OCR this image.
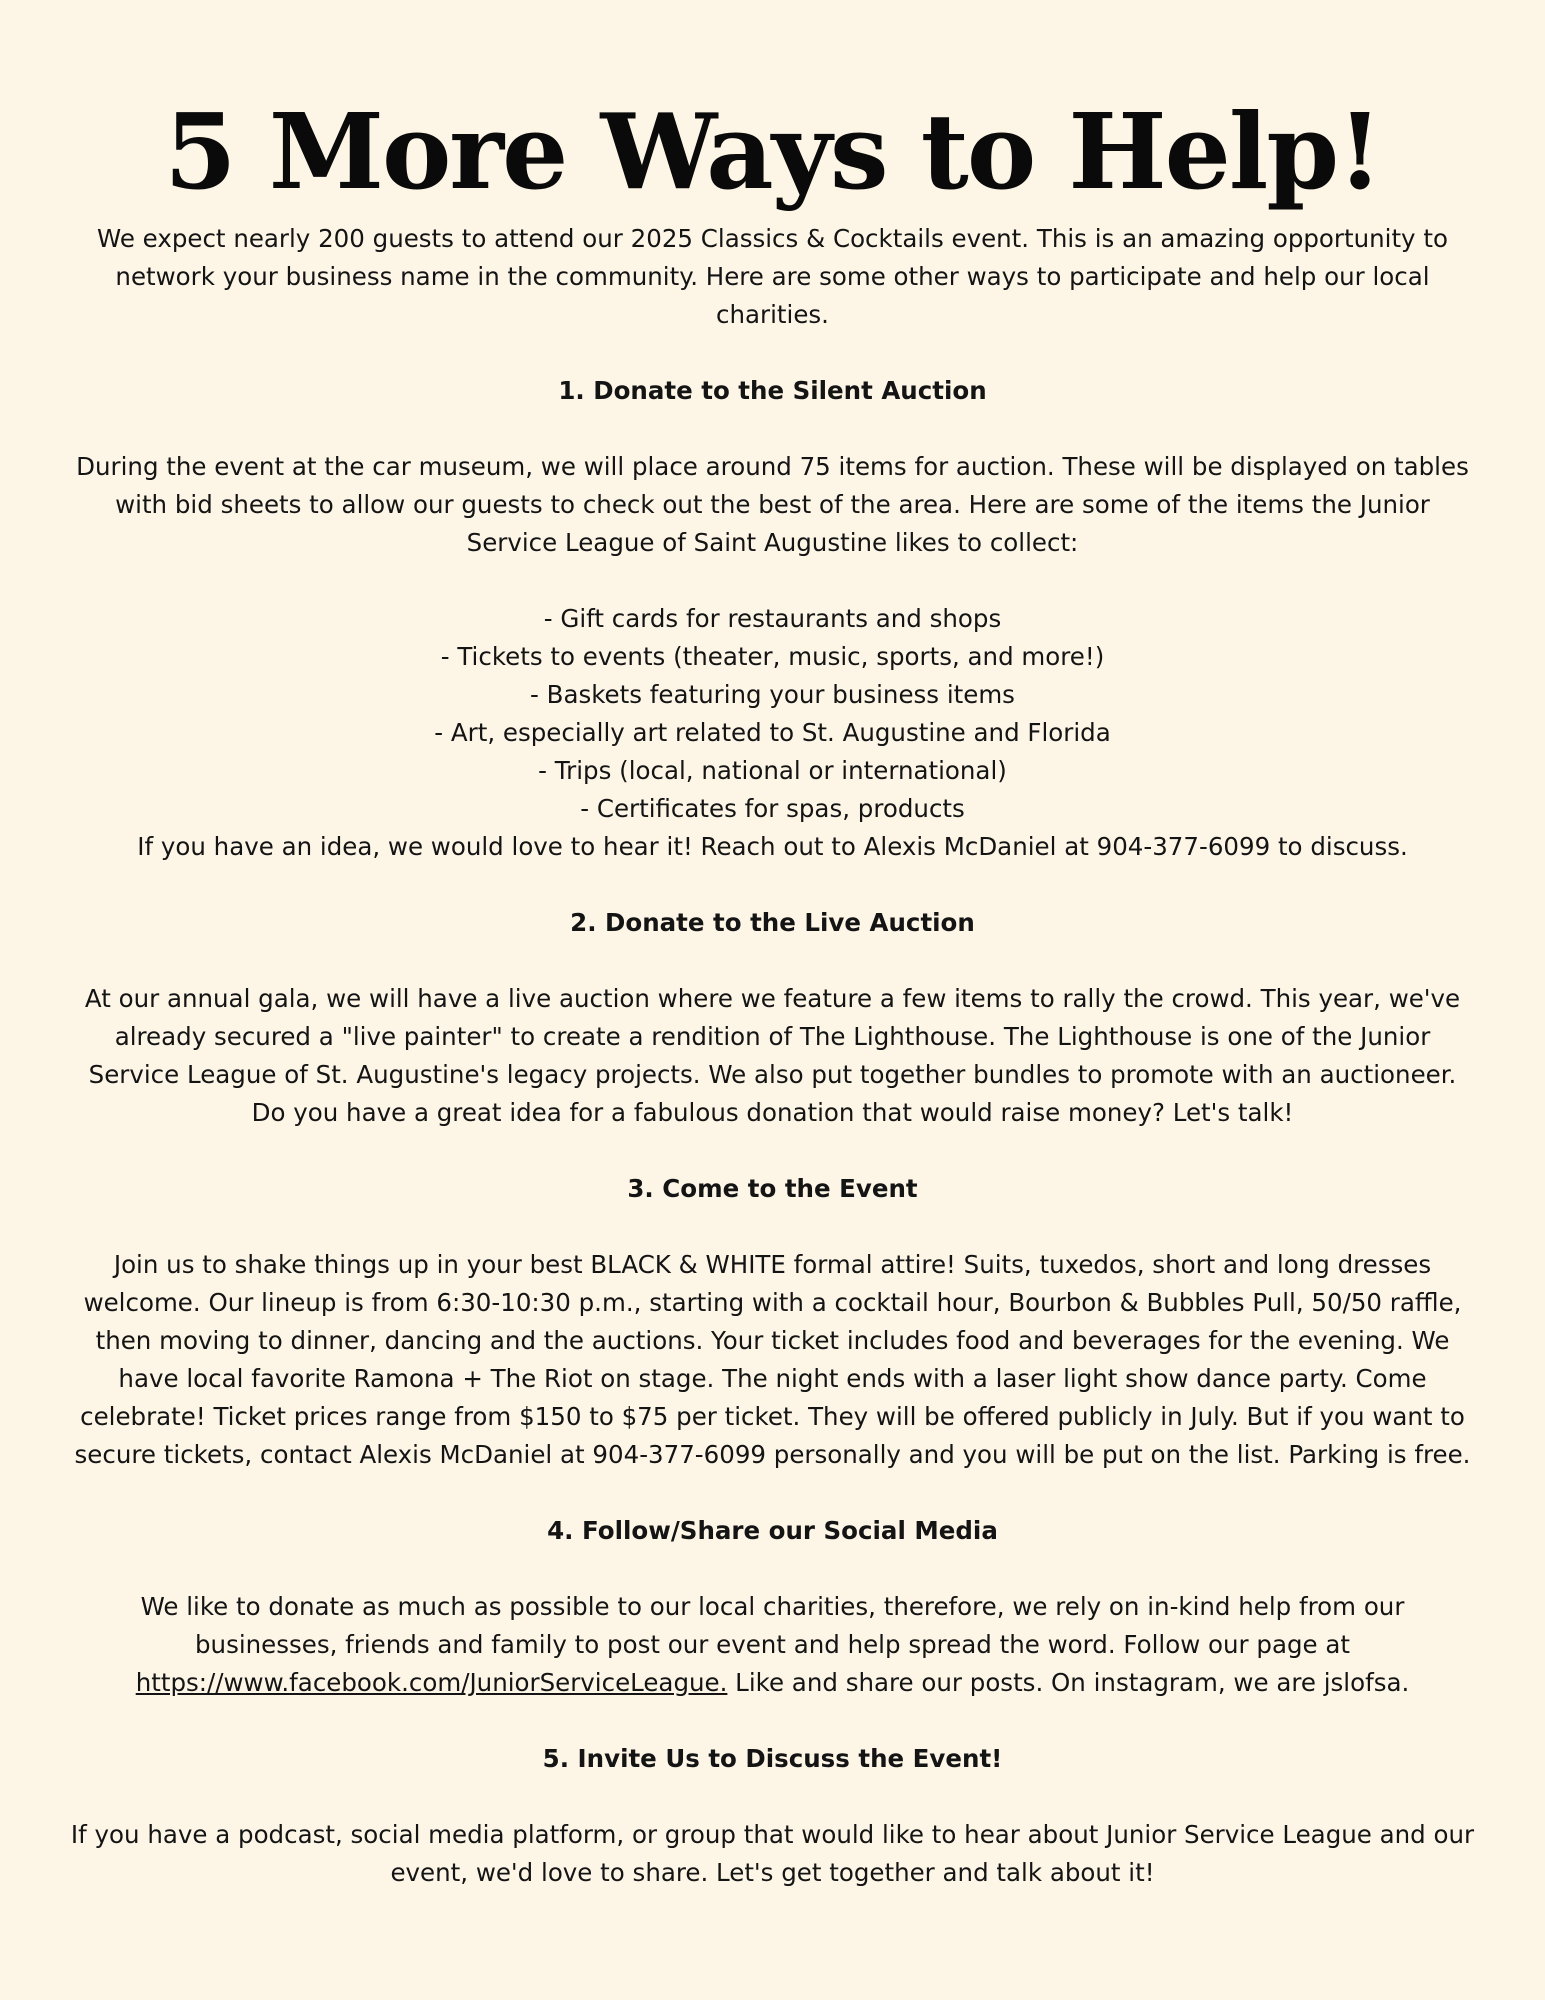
5 More Ways to Help!

We expect nearly 200 guests to attend our 2025 Classics & Cocktails event. This is an amazing opportunity to network your business name in the community. Here are some other ways to participate and help our local charities.

1. Donate to the Silent Auction

During the event at the car museum, we will place around 75 items for auction. These will be displayed on tables with bid sheets to allow our guests to check out the best of the area. Here are some of the items the Junior Service League of Saint Augustine likes to collect:

- Gift cards for restaurants and shops
- Tickets to events (theater, music, sports, and more!)
- Baskets featuring your business items
- Art, especially art related to St. Augustine and Florida
- Trips (local, national or international)
- Certificates for spas, products

If you have an idea, we would love to hear it! Reach out to Alexis McDaniel at 904-377-6099 to discuss.

2. Donate to the Live Auction

At our annual gala, we will have a live auction where we feature a few items to rally the crowd. This year, we've already secured a "live painter" to create a rendition of The Lighthouse. The Lighthouse is one of the Junior Service League of St. Augustine's legacy projects. We also put together bundles to promote with an auctioneer. Do you have a great idea for a fabulous donation that would raise money? Let's talk!

3. Come to the Event

Join us to shake things up in your best BLACK & WHITE formal attire! Suits, tuxedos, short and long dresses welcome. Our lineup is from 6:30-10:30 p.m., starting with a cocktail hour, Bourbon & Bubbles Pull, 50/50 raffle, then moving to dinner, dancing and the auctions. Your ticket includes food and beverages for the evening. We have local favorite Ramona + The Riot on stage. The night ends with a laser light show dance party. Come celebrate! Ticket prices range from $150 to $75 per ticket. They will be offered publicly in July. But if you want to secure tickets, contact Alexis McDaniel at 904-377-6099 personally and you will be put on the list. Parking is free.

4. Follow/Share our Social Media

We like to donate as much as possible to our local charities, therefore, we rely on in-kind help from our businesses, friends and family to post our event and help spread the word. Follow our page at https://www.facebook.com/JuniorServiceLeague. Like and share our posts. On instagram, we are jslofsa.

5. Invite Us to Discuss the Event!

If you have a podcast, social media platform, or group that would like to hear about Junior Service League and our event, we'd love to share. Let's get together and talk about it!
